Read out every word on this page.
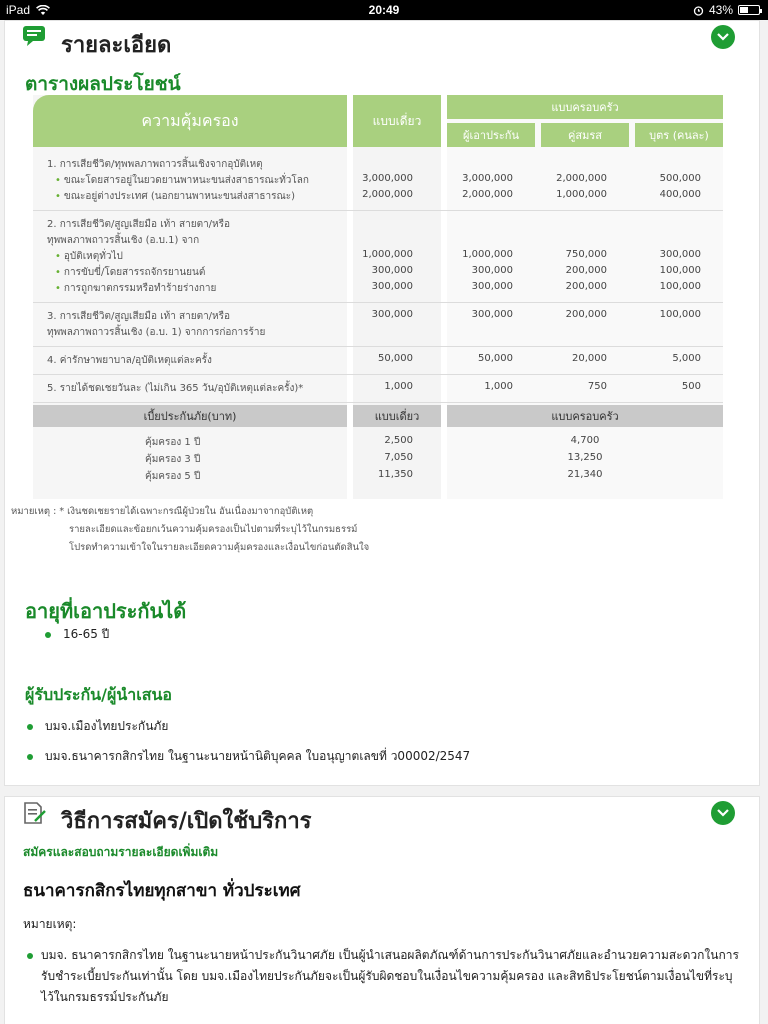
iPad	20:49	43%
รายละเอียด
ตารางผลประโยชน์
ความคุ้มครอง	แบบเดี่ยว
แบบครอบครัว
ผู้เอาประกัน	คู่สมรส	บุตร (คนละ)
1. การเสียชีวิต/ทุพพลภาพถาวรสิ้นเชิงจากอุบัติเหตุ
• ขณะโดยสารอยู่ในยวดยานพาหนะขนส่งสาธารณะทั่วโลก	3,000,000	3,000,000	2,000,000	500,000
• ขณะอยู่ต่างประเทศ (นอกยานพาหนะขนส่งสาธารณะ)	2,000,000	2,000,000	1,000,000	400,000
2. การเสียชีวิต/สูญเสียมือ เท้า สายตา/หรือ
ทุพพลภาพถาวรสิ้นเชิง (อ.บ.1) จาก
• อุบัติเหตุทั่วไป	1,000,000	1,000,000	750,000	300,000
• การขับขี่/โดยสารรถจักรยานยนต์	300,000	300,000	200,000	100,000
• การถูกฆาตกรรมหรือทำร้ายร่างกาย	300,000	300,000	200,000	100,000
3. การเสียชีวิต/สูญเสียมือ เท้า สายตา/หรือ	300,000	300,000	200,000	100,000
ทุพพลภาพถาวรสิ้นเชิง (อ.บ. 1) จากการก่อการร้าย
4. ค่ารักษาพยาบาล/อุบัติเหตุแต่ละครั้ง	50,000	50,000	20,000	5,000
5. รายได้ชดเชยวันละ (ไม่เกิน 365 วัน/อุบัติเหตุแต่ละครั้ง)*	1,000	1,000	750	500
เบี้ยประกันภัย(บาท)	แบบเดี่ยว	แบบครอบครัว
คุ้มครอง 1 ปี	2,500	4,700
คุ้มครอง 3 ปี	7,050	13,250
คุ้มครอง 5 ปี	11,350	21,340
หมายเหตุ : * เงินชดเชยรายได้เฉพาะกรณีผู้ป่วยใน อันเนื่องมาจากอุบัติเหตุ
รายละเอียดและข้อยกเว้นความคุ้มครองเป็นไปตามที่ระบุไว้ในกรมธรรม์
โปรดทำความเข้าใจในรายละเอียดความคุ้มครองและเงื่อนไขก่อนตัดสินใจ
อายุที่เอาประกันได้
16-65 ปี
ผู้รับประกัน/ผู้นำเสนอ
บมจ.เมืองไทยประกันภัย
บมจ.ธนาคารกสิกรไทย ในฐานะนายหน้านิติบุคคล ใบอนุญาตเลขที่ ว00002/2547
วิธีการสมัคร/เปิดใช้บริการ
สมัครและสอบถามรายละเอียดเพิ่มเติม
ธนาคารกสิกรไทยทุกสาขา ทั่วประเทศ
หมายเหตุ:
บมจ. ธนาคารกสิกรไทย ในฐานะนายหน้าประกันวินาศภัย เป็นผู้นำเสนอผลิตภัณฑ์ด้านการประกันวินาศภัยและอำนวยความสะดวกในการรับชำระเบี้ยประกันเท่านั้น โดย บมจ.เมืองไทยประกันภัยจะเป็นผู้รับผิดชอบในเงื่อนไขความคุ้มครอง และสิทธิประโยชน์ตามเงื่อนไขที่ระบุไว้ในกรมธรรม์ประกันภัย
